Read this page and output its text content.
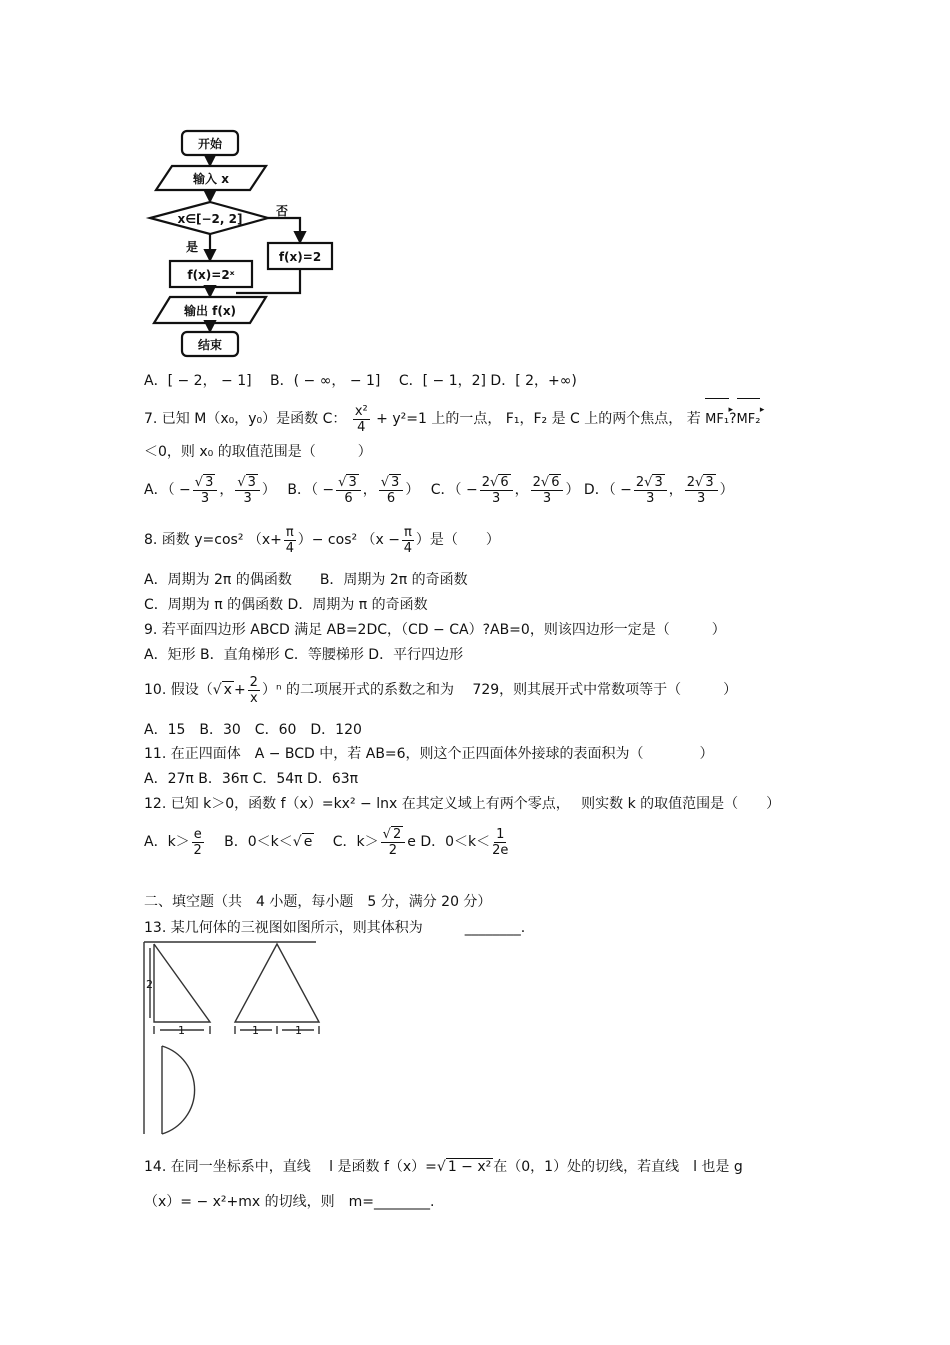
开始
输入 x
x∈[−2, 2]
否
是
f(x)=2ˣ
f(x)=2
输出 f(x)
结束
A．[ − 2， − 1]　 B．( − ∞， − 1]　 C．[ − 1，2] D．[ 2，+∞)
7. 已知 M（x₀，y₀）是函数 C： $\frac{\text{x²}}{4} + y^2=1$ 上的一点， F₁，F₂ 是 C 上的两个焦点， 若 MF₁ ▸?MF₂ ▸
＜0，则 x₀ 的取值范围是（　　　）
A．（ − √ $\frac{3}{3}$ ， √ $\frac{3}{3}$ ）　 B．（ − √ $\frac{3}{6}$ ， √ $\frac{3}{6}$ ）　 C．（ − $\frac{2 √ 6}{3}$ ， $\frac{2 √ 6}{3}$ ） D．（ − $\frac{2 √ 3}{3}$ ， $\frac{2 √ 3}{3}$ ）
8. 函数 y=cos² （$x+ \frac{\pi}{4}$ ）− cos² （$x - \frac{\pi}{4}$ ）是（　　）
A．周期为 2π 的偶函数　　B．周期为 2π 的奇函数
C．周期为 π 的偶函数 D．周期为 π 的奇函数
9. 若平面四边形 ABCD 满足 AB=2DC，（CD − CA）?AB=0，则该四边形一定是（　　　）
A．矩形 B．直角梯形 C．等腰梯形 D．平行四边形
10. 假设（ √ $x + \frac{2}{x} )^n$ 的二项展开式的系数之和为　 729，则其展开式中常数项等于（　　　）
A．15　B．30　C．60　D．120
11. 在正四面体　A − BCD 中，若 AB=6，则这个正四面体外接球的表面积为（　　　　）
A．27π B．36π C．54π D．63π
12. 已知 k＞0，函数 f（x）=kx² − lnx 在其定义域上有两个零点，　 则实数 k 的取值范围是（　　）
A．$k> \frac{e}{2}$
　 B．0＜k＜ √ e　 C．k＞ √ $\frac{2}{2}$ e D．$0<k< \frac{1}{2e}$
二、填空题（共　4 小题，每小题　5 分，满分 20 分）
13. 某几何体的三视图如图所示，则其体积为　　　________.
2
1	1	1
14. 在同一坐标系中，直线　 l 是函数 f（x）= √ 1 − x² 在（0，1）处的切线，若直线　l 也是 g
（x）= − x²+mx 的切线，则　m=________.
